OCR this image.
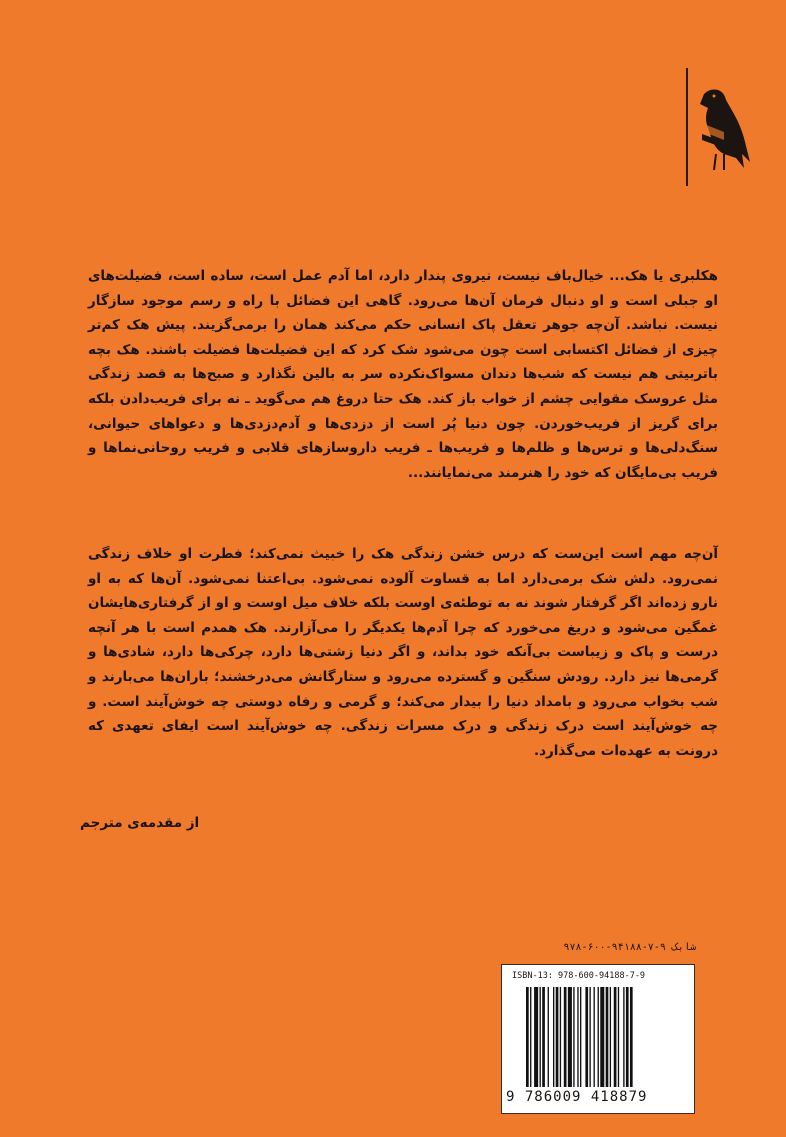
هکلبری یا هک... خیال‌باف نیست، نیروی پندار دارد، اما آدم عمل است، ساده است، فضیلت‌های او جبلی است و او دنبال فرمان آن‌ها می‌رود. گاهی این فضائل با راه و رسم موجود سازگار نیست. نباشد. آن‌چه جوهر تعقل پاک انسانی حکم می‌کند همان را برمی‌گزیند. پیش هک کم‌تر چیزی از فضائل اکتسابی است چون می‌شود شک کرد که این فضیلت‌ها فضیلت باشند. هک بچه باتربیتی هم نیست که شب‌ها دندان مسواک‌نکرده سر به بالین نگذارد و صبح‌ها به قصد زندگی مثل عروسک مقوایی چشم از خواب باز کند. هک حتا دروغ هم می‌گوید ـ نه برای فریب‌دادن بلکه برای گریز از فریب‌خوردن. چون دنیا پُر است از دزدی‌ها و آدم‌دزدی‌ها و دعواهای حیوانی، سنگ‌دلی‌ها و ترس‌ها و ظلم‌ها و فریب‌ها ـ فریب داروسازهای قلابی و فریب روحانی‌نماها و فریب بی‌مایگان که خود را هنرمند می‌نمایانند...

آن‌چه مهم است این‌ست که درس خشن زندگی هک را خبیث نمی‌کند؛ فطرت او خلاف زندگی نمی‌رود. دلش شک برمی‌دارد اما به قساوت آلوده نمی‌شود. بی‌اعتنا نمی‌شود. آن‌ها که به او نارو زده‌اند اگر گرفتار شوند نه به توطئه‌ی اوست بلکه خلاف میل اوست و او از گرفتاری‌هایشان غمگین می‌شود و دریغ می‌خورد که چرا آدم‌ها یکدیگر را می‌آزارند. هک همدم است با هر آنچه درست و پاک و زیباست بی‌آنکه خود بداند، و اگر دنیا زشتی‌ها دارد، چرکی‌ها دارد، شادی‌ها و گرمی‌ها نیز دارد. رودش سنگین و گسترده می‌رود و ستارگانش می‌درخشند؛ باران‌ها می‌بارند و شب بخواب می‌رود و بامداد دنیا را بیدار می‌کند؛ و گرمی و رفاه دوستی چه خوش‌آیند است. و چه خوش‌آیند است درک زندگی و درک مسرات زندگی. چه خوش‌آیند است ایفای تعهدی که درونت به عهده‌ات می‌گذارد.

از مقدمه‌ی مترجم

شابک ۹-۷-۹۴۱۸۸-۶۰۰-۹۷۸
ISBN-13: 978-600-94188-7-9
9 786009 418879
